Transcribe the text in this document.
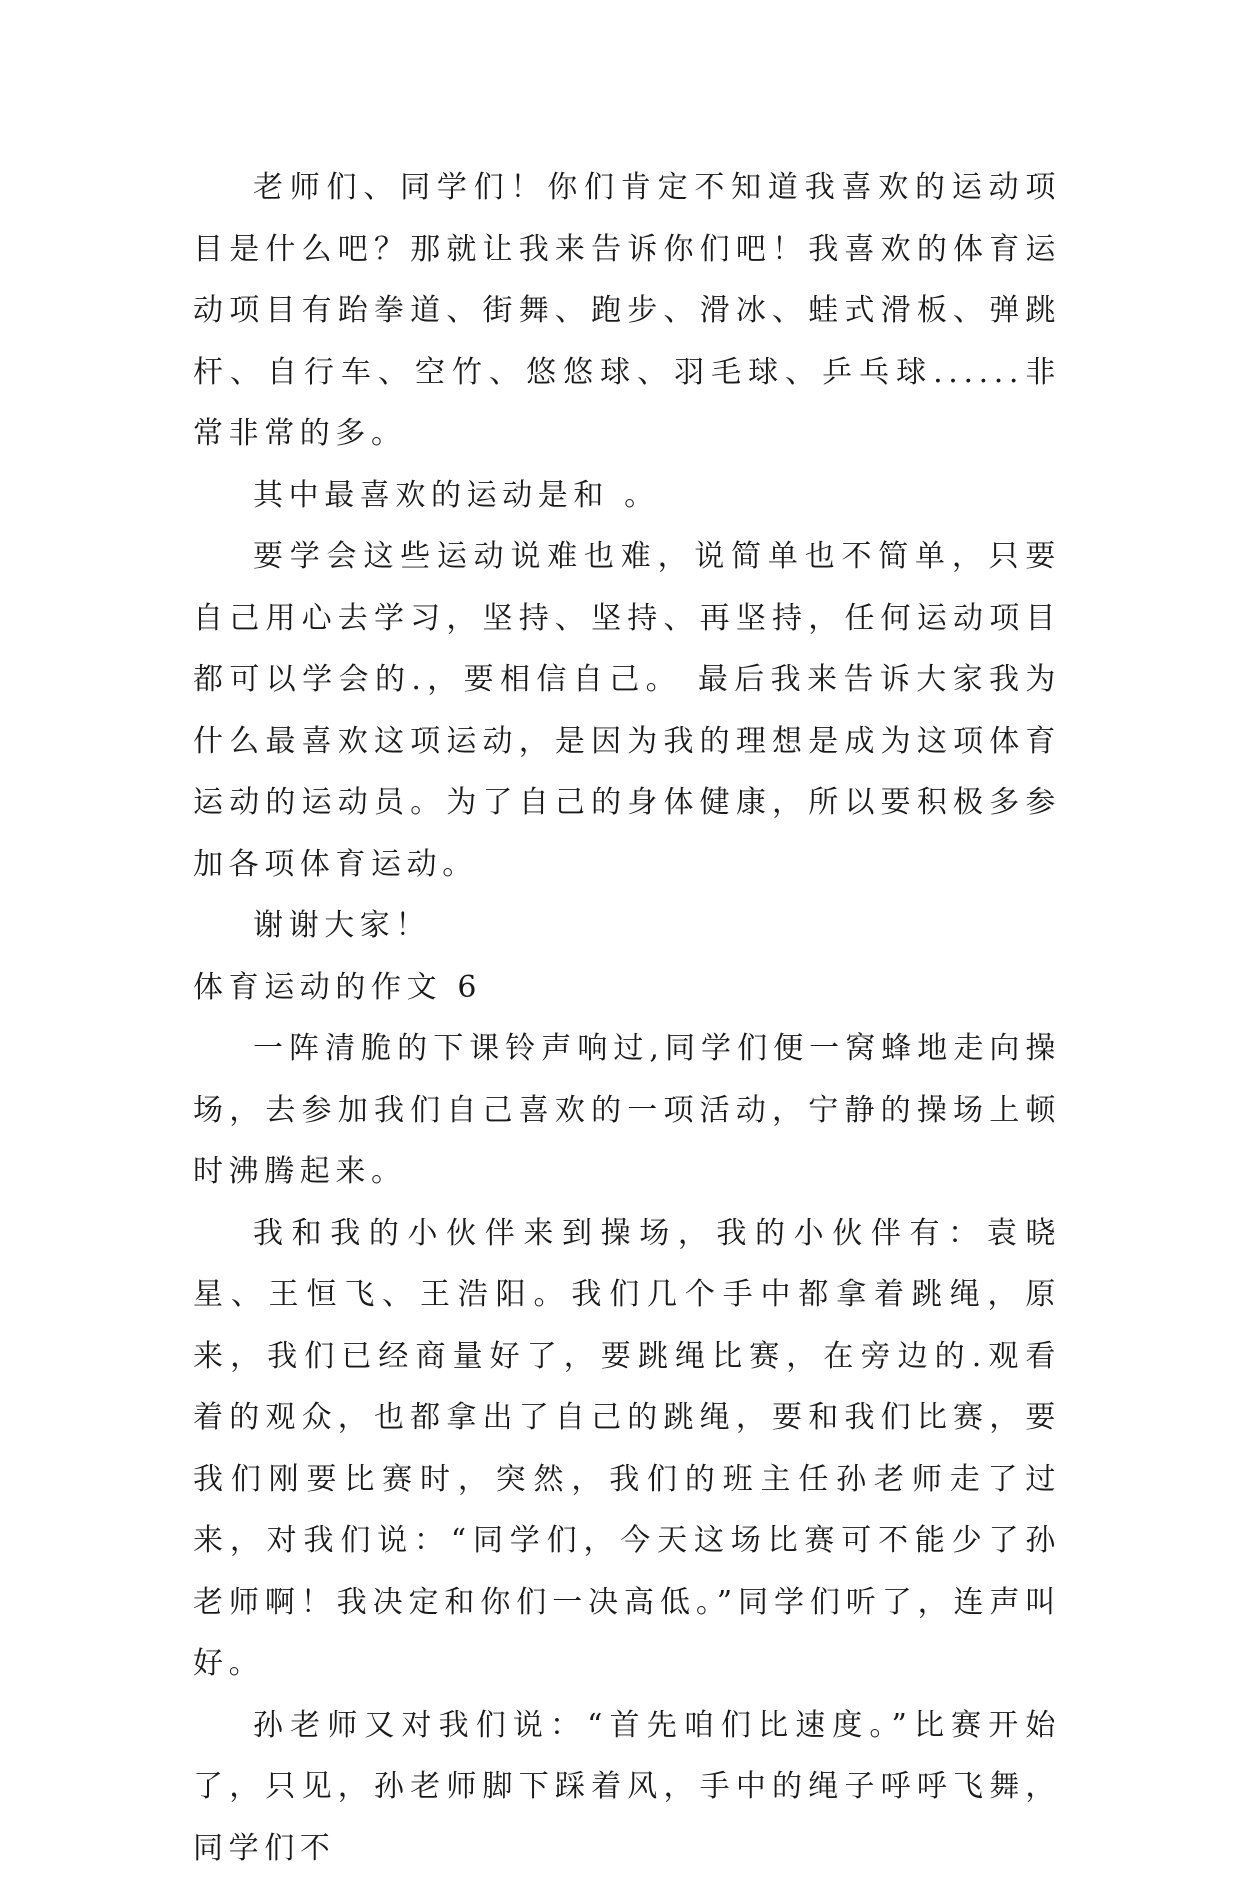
老师们、同学们！你们肯定不知道我喜欢的运动项目是什么吧？那就让我来告诉你们吧！我喜欢的体育运动项目有跆拳道、街舞、跑步、滑冰、蛙式滑板、弹跳杆、自行车、空竹、悠悠球、羽毛球、乒乓球......非常非常的多。

其中最喜欢的运动是和 。

要学会这些运动说难也难，说简单也不简单，只要自己用心去学习，坚持、坚持、再坚持，任何运动项目都可以学会的.，要相信自己。 最后我来告诉大家我为什么最喜欢这项运动，是因为我的理想是成为这项体育运动的运动员。为了自己的身体健康，所以要积极多参加各项体育运动。

谢谢大家！

体育运动的作文 6

一阵清脆的下课铃声响过,同学们便一窝蜂地走向操场，去参加我们自己喜欢的一项活动，宁静的操场上顿时沸腾起来。

我和我的小伙伴来到操场，我的小伙伴有：袁晓星、王恒飞、王浩阳。我们几个手中都拿着跳绳，原来，我们已经商量好了，要跳绳比赛，在旁边的.观看着的观众，也都拿出了自己的跳绳，要和我们比赛，要我们刚要比赛时，突然，我们的班主任孙老师走了过来，对我们说：“同学们，今天这场比赛可不能少了孙老师啊！我决定和你们一决高低。”同学们听了，连声叫好。

孙老师又对我们说：“首先咱们比速度。”比赛开始了，只见，孙老师脚下踩着风，手中的绳子呼呼飞舞，同学们不
